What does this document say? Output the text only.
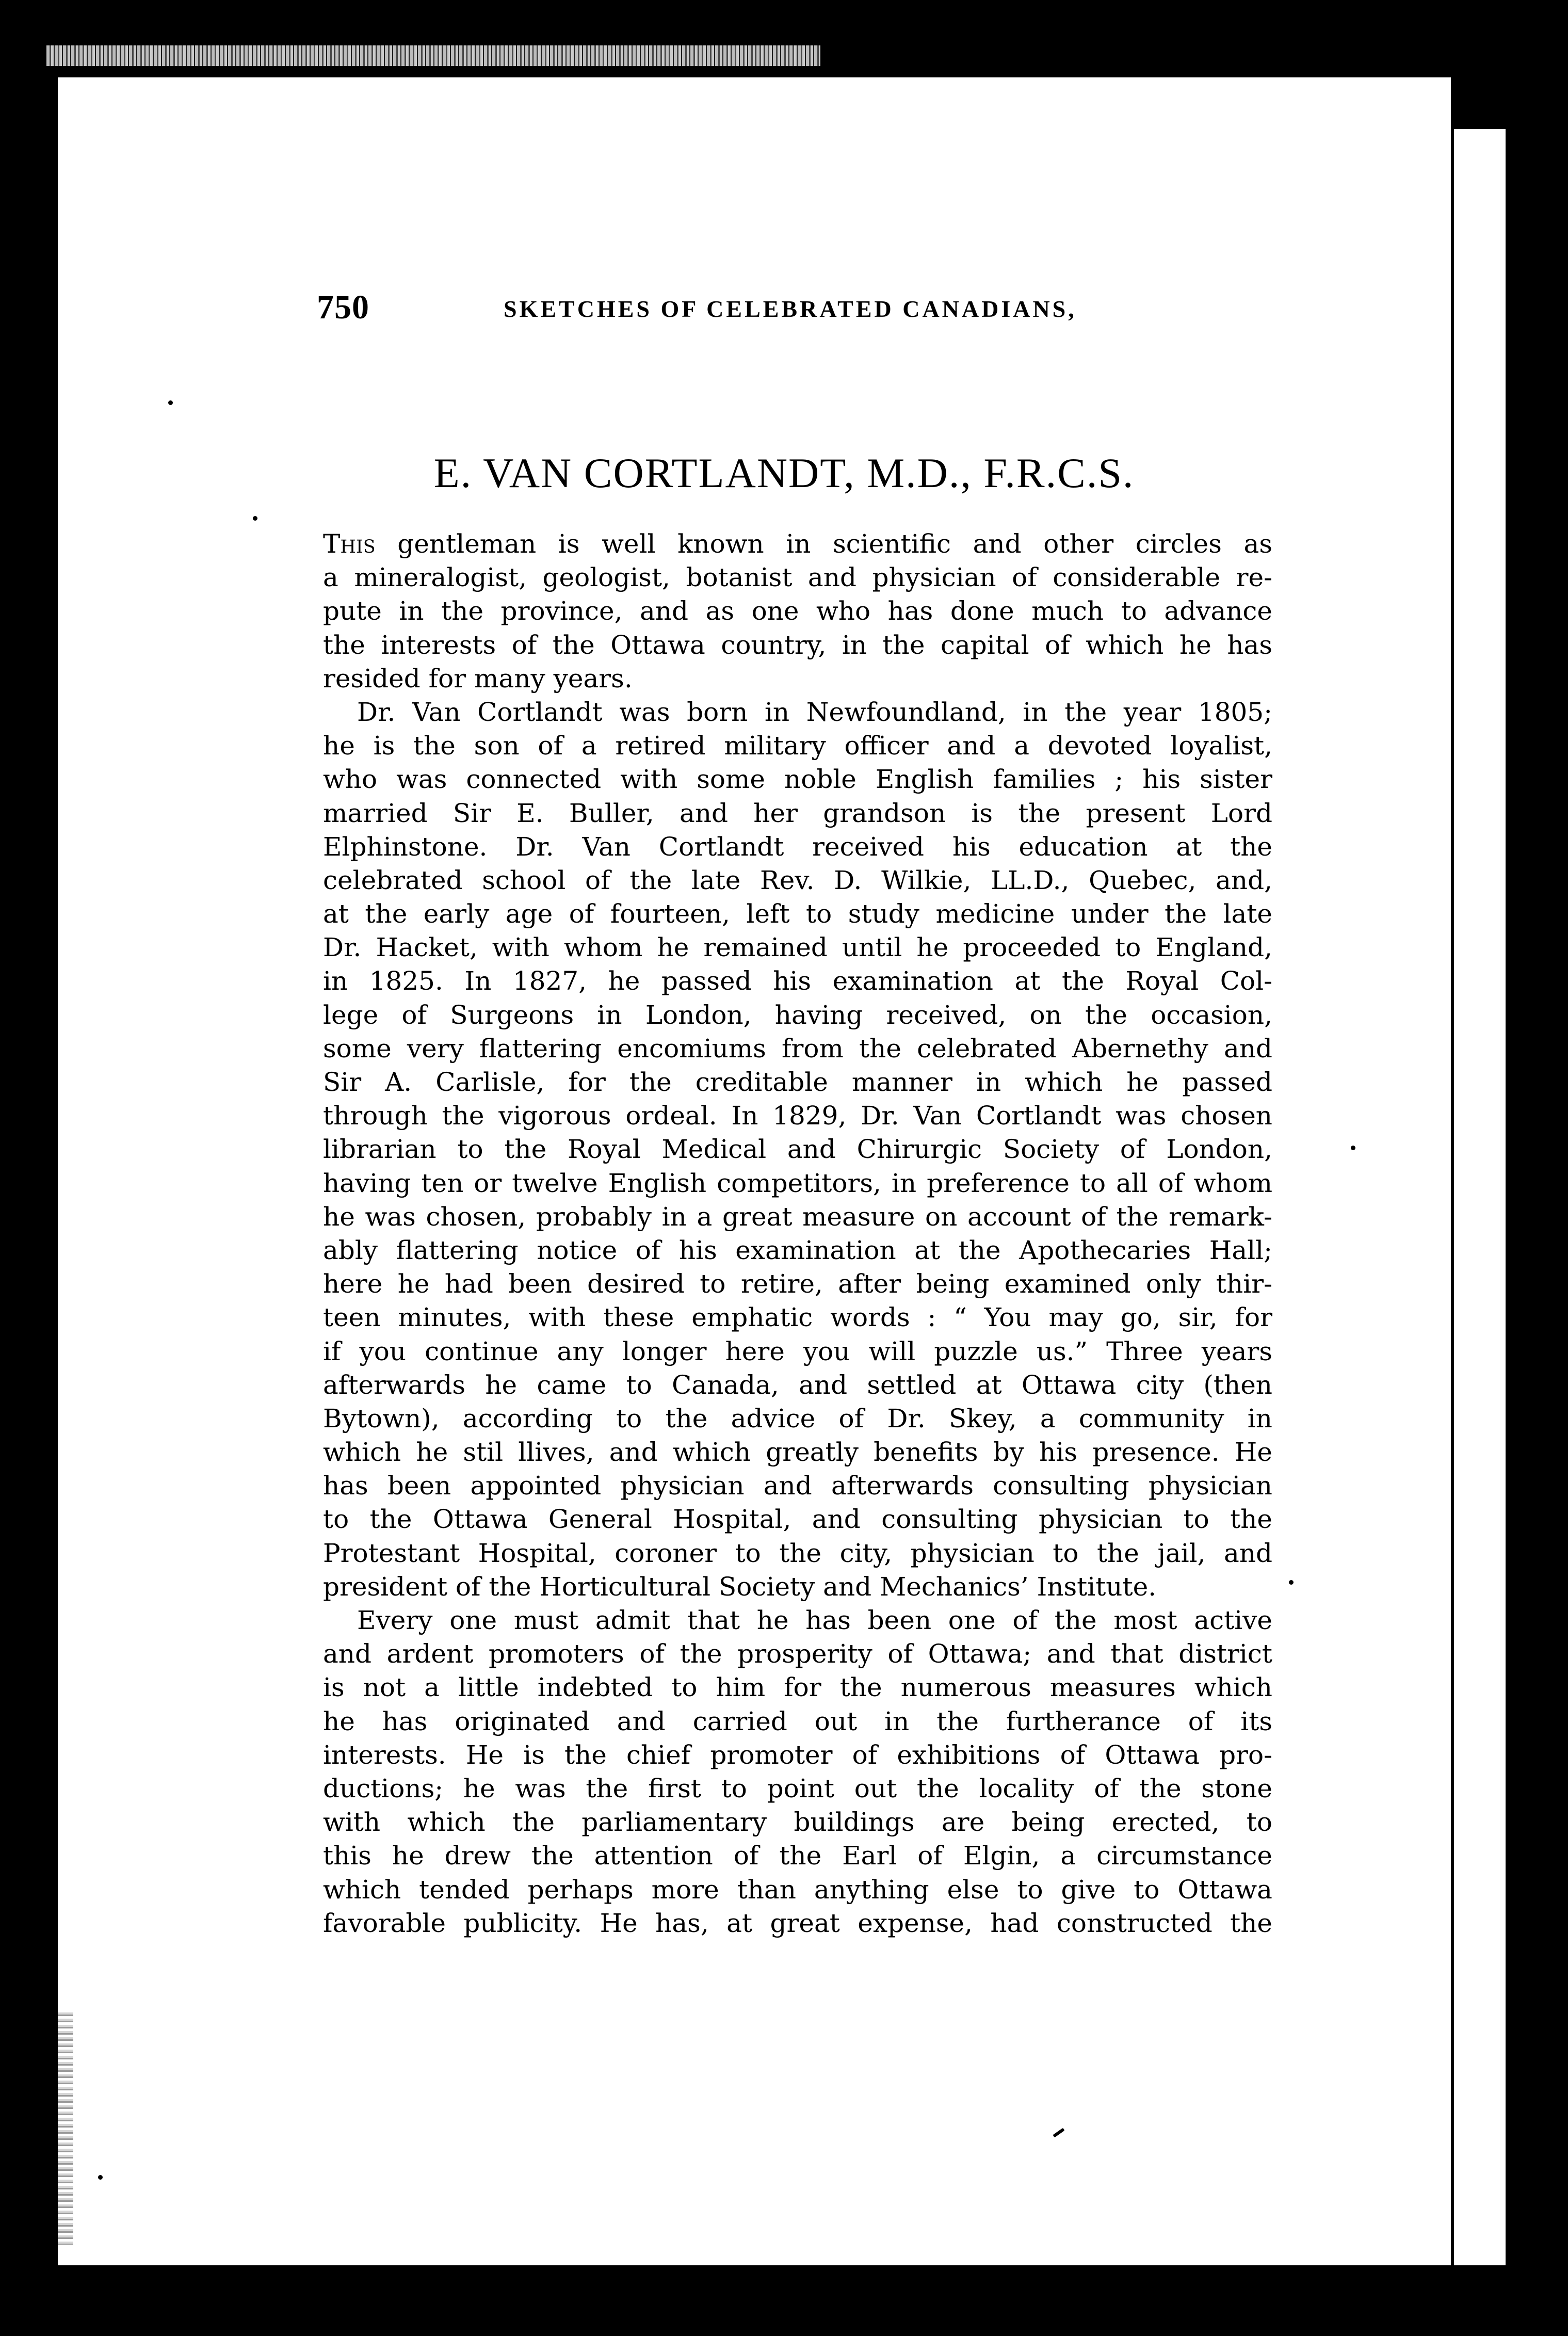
750	SKETCHES OF CELEBRATED CANADIANS,
E. VAN CORTLANDT, M.D., F.R.C.S.
This gentleman is well known in scientific and other circles as
a mineralogist, geologist, botanist and physician of considerable re-
pute in the province, and as one who has done much to advance
the interests of the Ottawa country, in the capital of which he has
resided for many years.
Dr. Van Cortlandt was born in Newfoundland, in the year 1805;
he is the son of a retired military officer and a devoted loyalist,
who was connected with some noble English families ; his sister
married Sir E. Buller, and her grandson is the present Lord
Elphinstone. Dr. Van Cortlandt received his education at the
celebrated school of the late Rev. D. Wilkie, LL.D., Quebec, and,
at the early age of fourteen, left to study medicine under the late
Dr. Hacket, with whom he remained until he proceeded to England,
in 1825. In 1827, he passed his examination at the Royal Col-
lege of Surgeons in London, having received, on the occasion,
some very flattering encomiums from the celebrated Abernethy and
Sir A. Carlisle, for the creditable manner in which he passed
through the vigorous ordeal. In 1829, Dr. Van Cortlandt was chosen
librarian to the Royal Medical and Chirurgic Society of London,
having ten or twelve English competitors, in preference to all of whom
he was chosen, probably in a great measure on account of the remark-
ably flattering notice of his examination at the Apothecaries Hall;
here he had been desired to retire, after being examined only thir-
teen minutes, with these emphatic words : “ You may go, sir, for
if you continue any longer here you will puzzle us.” Three years
afterwards he came to Canada, and settled at Ottawa city (then
Bytown), according to the advice of Dr. Skey, a community in
which he stil llives, and which greatly benefits by his presence. He
has been appointed physician and afterwards consulting physician
to the Ottawa General Hospital, and consulting physician to the
Protestant Hospital, coroner to the city, physician to the jail, and
president of the Horticultural Society and Mechanics’ Institute.
Every one must admit that he has been one of the most active
and ardent promoters of the prosperity of Ottawa; and that district
is not a little indebted to him for the numerous measures which
he has originated and carried out in the furtherance of its
interests. He is the chief promoter of exhibitions of Ottawa pro-
ductions; he was the first to point out the locality of the stone
with which the parliamentary buildings are being erected, to
this he drew the attention of the Earl of Elgin, a circumstance
which tended perhaps more than anything else to give to Ottawa
favorable publicity. He has, at great expense, had constructed the
